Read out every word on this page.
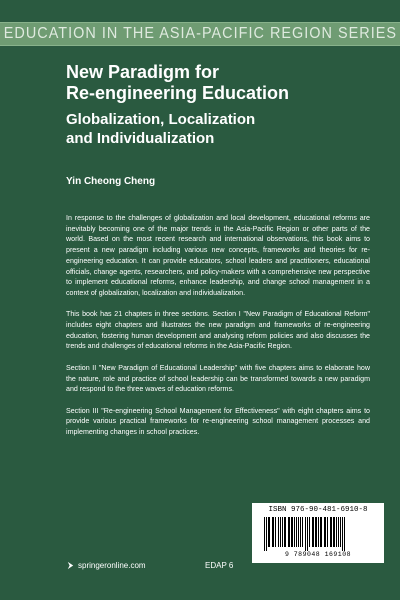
EDUCATION IN THE ASIA-PACIFIC REGION SERIES
New Paradigm for
Re-engineering Education
Globalization, Localization
and Individualization
Yin Cheong Cheng

In response to the challenges of globalization and local development, educational reforms are inevitably becoming one of the major trends in the Asia-Pacific Region or other parts of the world. Based on the most recent research and international observations, this book aims to present a new paradigm including various new concepts, frameworks and theories for re-engineering education. It can provide educators, school leaders and practitioners, educational officials, change agents, researchers, and policy-makers with a comprehensive new perspective to implement educational reforms, enhance leadership, and change school management in a context of globalization, localization and individualization.

This book has 21 chapters in three sections. Section I "New Paradigm of Educational Reform" includes eight chapters and illustrates the new paradigm and frameworks of re-engineering education, fostering human development and analysing reform policies and also discusses the trends and challenges of educational reforms in the Asia-Pacific Region.

Section II "New Paradigm of Educational Leadership" with five chapters aims to elaborate how the nature, role and practice of school leadership can be transformed towards a new paradigm and respond to the three waves of education reforms.

Section III "Re-engineering School Management for Effectiveness" with eight chapters aims to provide various practical frameworks for re-engineering school management processes and implementing changes in school practices.

ISBN 976-90-481-6910-8
9 789048 169108
springeronline.com	EDAP 6
